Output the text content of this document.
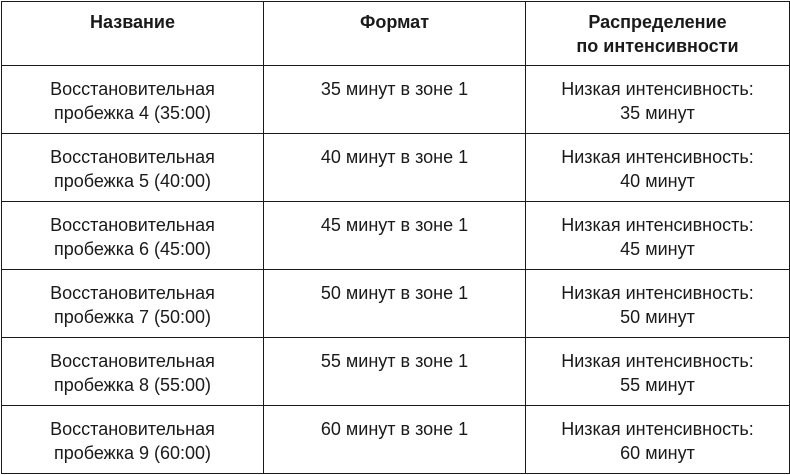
Название	Формат	Распределение
по интенсивности

Восстановительная
пробежка 4 (35:00)	35 минут в зоне 1	Низкая интенсивность:
35 минут

Восстановительная
пробежка 5 (40:00)	40 минут в зоне 1	Низкая интенсивность:
40 минут

Восстановительная
пробежка 6 (45:00)	45 минут в зоне 1	Низкая интенсивность:
45 минут

Восстановительная
пробежка 7 (50:00)	50 минут в зоне 1	Низкая интенсивность:
50 минут

Восстановительная
пробежка 8 (55:00)	55 минут в зоне 1	Низкая интенсивность:
55 минут

Восстановительная
пробежка 9 (60:00)	60 минут в зоне 1	Низкая интенсивность:
60 минут
